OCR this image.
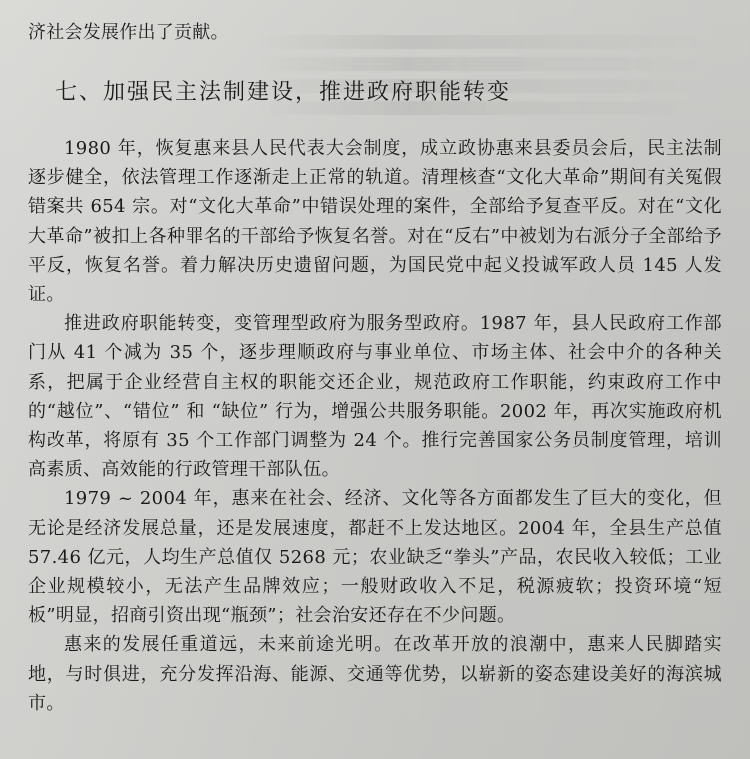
济社会发展作出了贡献。

七、加强民主法制建设，推进政府职能转变

1980 年，恢复惠来县人民代表大会制度，成立政协惠来县委员会后，民主法制逐步健全，依法管理工作逐渐走上正常的轨道。清理核查“文化大革命”期间有关冤假错案共 654 宗。对“文化大革命”中错误处理的案件，全部给予复查平反。对在“文化大革命”被扣上各种罪名的干部给予恢复名誉。对在“反右”中被划为右派分子全部给予平反，恢复名誉。着力解决历史遗留问题，为国民党中起义投诚军政人员 145 人发证。

推进政府职能转变，变管理型政府为服务型政府。1987 年，县人民政府工作部门从 41 个减为 35 个，逐步理顺政府与事业单位、市场主体、社会中介的各种关系，把属于企业经营自主权的职能交还企业，规范政府工作职能，约束政府工作中的“越位”、“错位” 和 “缺位” 行为，增强公共服务职能。2002 年，再次实施政府机构改革，将原有 35 个工作部门调整为 24 个。推行完善国家公务员制度管理，培训高素质、高效能的行政管理干部队伍。

1979 ~ 2004 年，惠来在社会、经济、文化等各方面都发生了巨大的变化，但无论是经济发展总量，还是发展速度，都赶不上发达地区。2004 年，全县生产总值 57.46 亿元，人均生产总值仅 5268 元；农业缺乏“拳头”产品，农民收入较低；工业企业规模较小，无法产生品牌效应；一般财政收入不足，税源疲软；投资环境“短板”明显，招商引资出现“瓶颈”；社会治安还存在不少问题。

惠来的发展任重道远，未来前途光明。在改革开放的浪潮中，惠来人民脚踏实地，与时俱进，充分发挥沿海、能源、交通等优势，以崭新的姿态建设美好的海滨城市。
